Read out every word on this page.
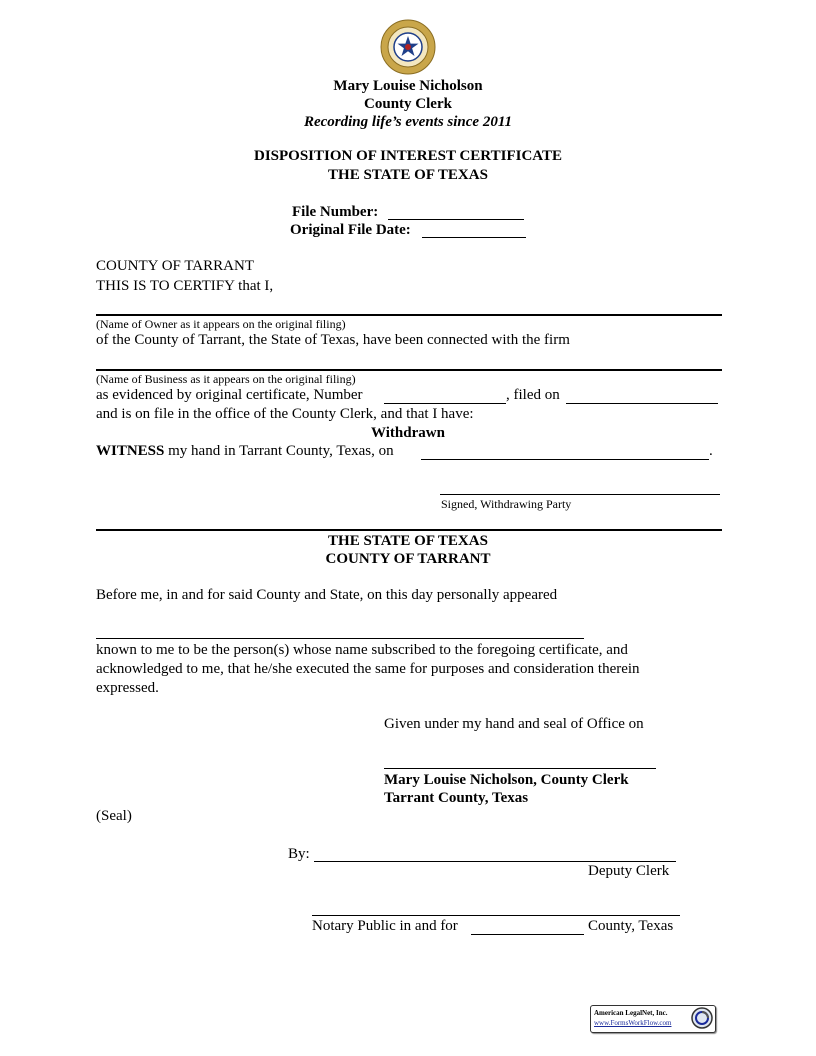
Mary Louise Nicholson
County Clerk
Recording life’s events since 2011
DISPOSITION OF INTEREST CERTIFICATE
THE STATE OF TEXAS
File Number:
Original File Date:
COUNTY OF TARRANT
THIS IS TO CERTIFY that I,
(Name of Owner as it appears on the original filing)
of the County of Tarrant, the State of Texas, have been connected with the firm
(Name of Business as it appears on the original filing)
as evidenced by original certificate, Number	, filed on
and is on file in the office of the County Clerk, and that I have:
Withdrawn
WITNESS my hand in Tarrant County, Texas, on	.
Signed, Withdrawing Party
THE STATE OF TEXAS
COUNTY OF TARRANT
Before me, in and for said County and State, on this day personally appeared
known to me to be the person(s) whose name subscribed to the foregoing certificate, and
acknowledged to me, that he/she executed the same for purposes and consideration therein
expressed.
Given under my hand and seal of Office on
Mary Louise Nicholson, County Clerk
Tarrant County, Texas
(Seal)
By:
Deputy Clerk
Notary Public in and for	County, Texas
American LegalNet, Inc.
www.FormsWorkFlow.com
